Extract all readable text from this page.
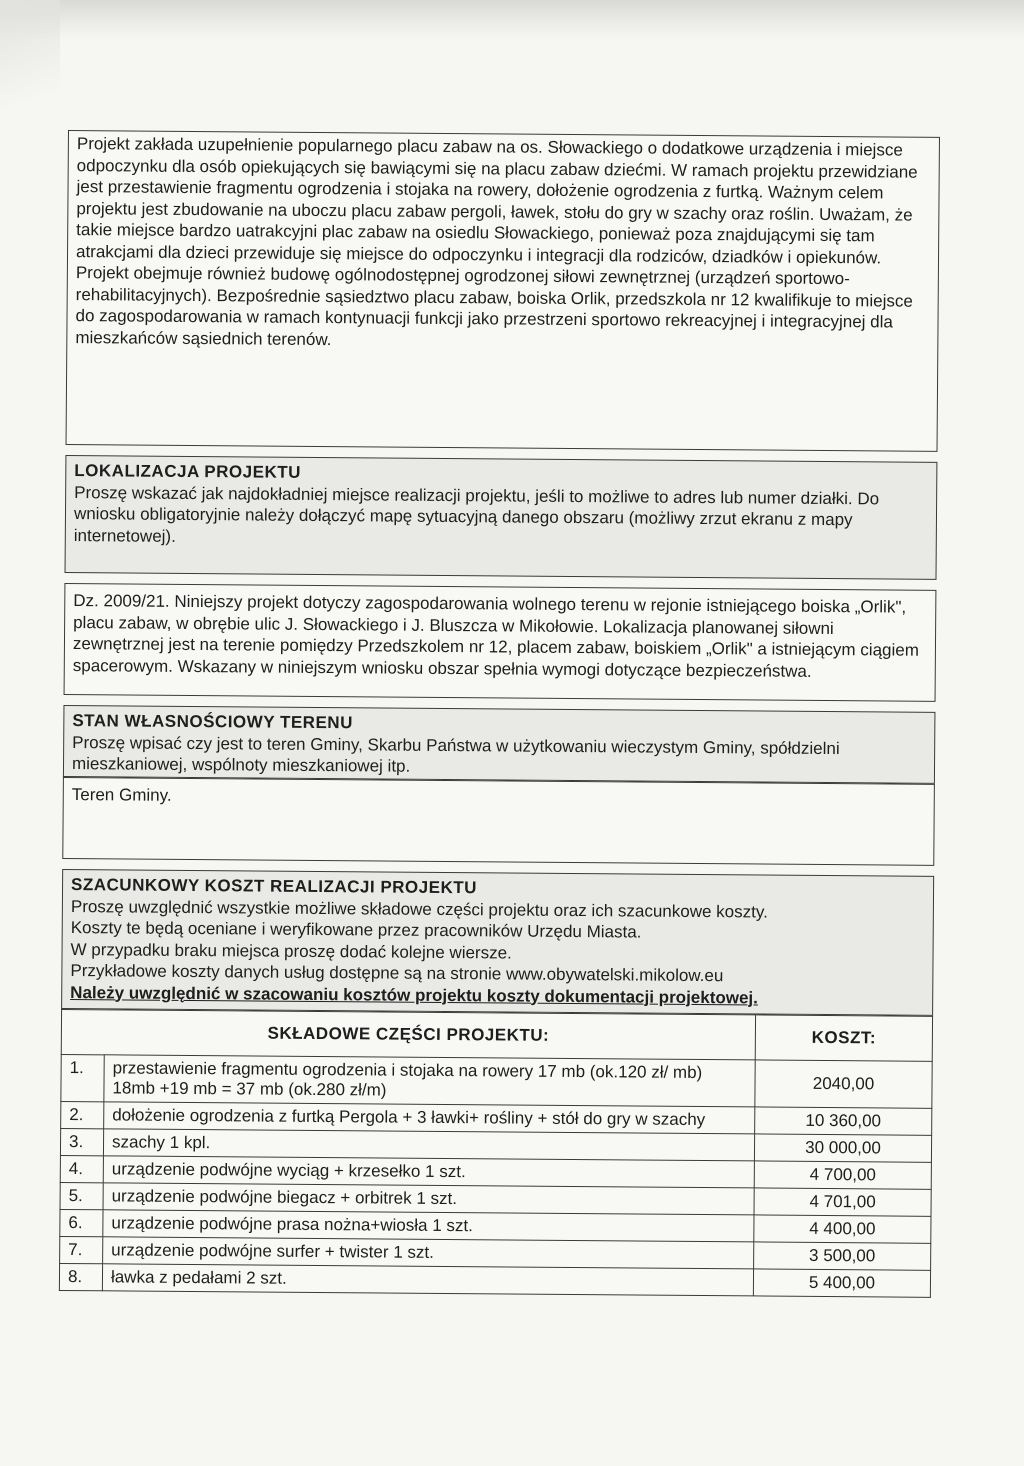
Projekt zakłada uzupełnienie popularnego placu zabaw na os. Słowackiego o dodatkowe urządzenia i miejsce odpoczynku dla osób opiekujących się bawiącymi się na placu zabaw dziećmi. W ramach projektu przewidziane jest przestawienie fragmentu ogrodzenia i stojaka na rowery, dołożenie ogrodzenia z furtką. Ważnym celem projektu jest zbudowanie na uboczu placu zabaw pergoli, ławek, stołu do gry w szachy oraz roślin. Uważam, że takie miejsce bardzo uatrakcyjni plac zabaw na osiedlu Słowackiego, ponieważ poza znajdującymi się tam atrakcjami dla dzieci przewiduje się miejsce do odpoczynku i integracji dla rodziców, dziadków i opiekunów. Projekt obejmuje również budowę ogólnodostępnej ogrodzonej siłowi zewnętrznej (urządzeń sportowo-rehabilitacyjnych). Bezpośrednie sąsiedztwo placu zabaw, boiska Orlik, przedszkola nr 12 kwalifikuje to miejsce do zagospodarowania w ramach kontynuacji funkcji jako przestrzeni sportowo rekreacyjnej i integracyjnej dla mieszkańców sąsiednich terenów.
LOKALIZACJA PROJEKTU
Proszę wskazać jak najdokładniej miejsce realizacji projektu, jeśli to możliwe to adres lub numer działki. Do wniosku obligatoryjnie należy dołączyć mapę sytuacyjną danego obszaru (możliwy zrzut ekranu z mapy internetowej).
Dz. 2009/21. Niniejszy projekt dotyczy zagospodarowania wolnego terenu w rejonie istniejącego boiska „Orlik", placu zabaw, w obrębie ulic J. Słowackiego i J. Bluszcza w Mikołowie. Lokalizacja planowanej siłowni zewnętrznej jest na terenie pomiędzy Przedszkolem nr 12, placem zabaw, boiskiem „Orlik" a istniejącym ciągiem spacerowym. Wskazany w niniejszym wniosku obszar spełnia wymogi dotyczące bezpieczeństwa.
STAN WŁASNOŚCIOWY TERENU
Proszę wpisać czy jest to teren Gminy, Skarbu Państwa w użytkowaniu wieczystym Gminy, spółdzielni mieszkaniowej, wspólnoty mieszkaniowej itp.
Teren Gminy.
SZACUNKOWY KOSZT REALIZACJI PROJEKTU
Proszę uwzględnić wszystkie możliwe składowe części projektu oraz ich szacunkowe koszty.
Koszty te będą oceniane i weryfikowane przez pracowników Urzędu Miasta.
W przypadku braku miejsca proszę dodać kolejne wiersze.
Przykładowe koszty danych usług dostępne są na stronie www.obywatelski.mikolow.eu
Należy uwzględnić w szacowaniu kosztów projektu koszty dokumentacji projektowej.
SKŁADOWE CZĘŚCI PROJEKTU:		KOSZT:
1.	przestawienie fragmentu ogrodzenia i stojaka na rowery 17 mb (ok.120 zł/ mb) 18mb +19 mb = 37 mb (ok.280 zł/m)	2040,00
2.	dołożenie ogrodzenia z furtką Pergola + 3 ławki+ rośliny + stół do gry w szachy	10 360,00
3.	szachy 1 kpl.	30 000,00
4.	urządzenie podwójne wyciąg + krzesełko 1 szt.	4 700,00
5.	urządzenie podwójne biegacz + orbitrek 1 szt.	4 701,00
6.	urządzenie podwójne prasa nożna+wiosła 1 szt.	4 400,00
7.	urządzenie podwójne surfer + twister 1 szt.	3 500,00
8.	ławka z pedałami 2 szt.	5 400,00
